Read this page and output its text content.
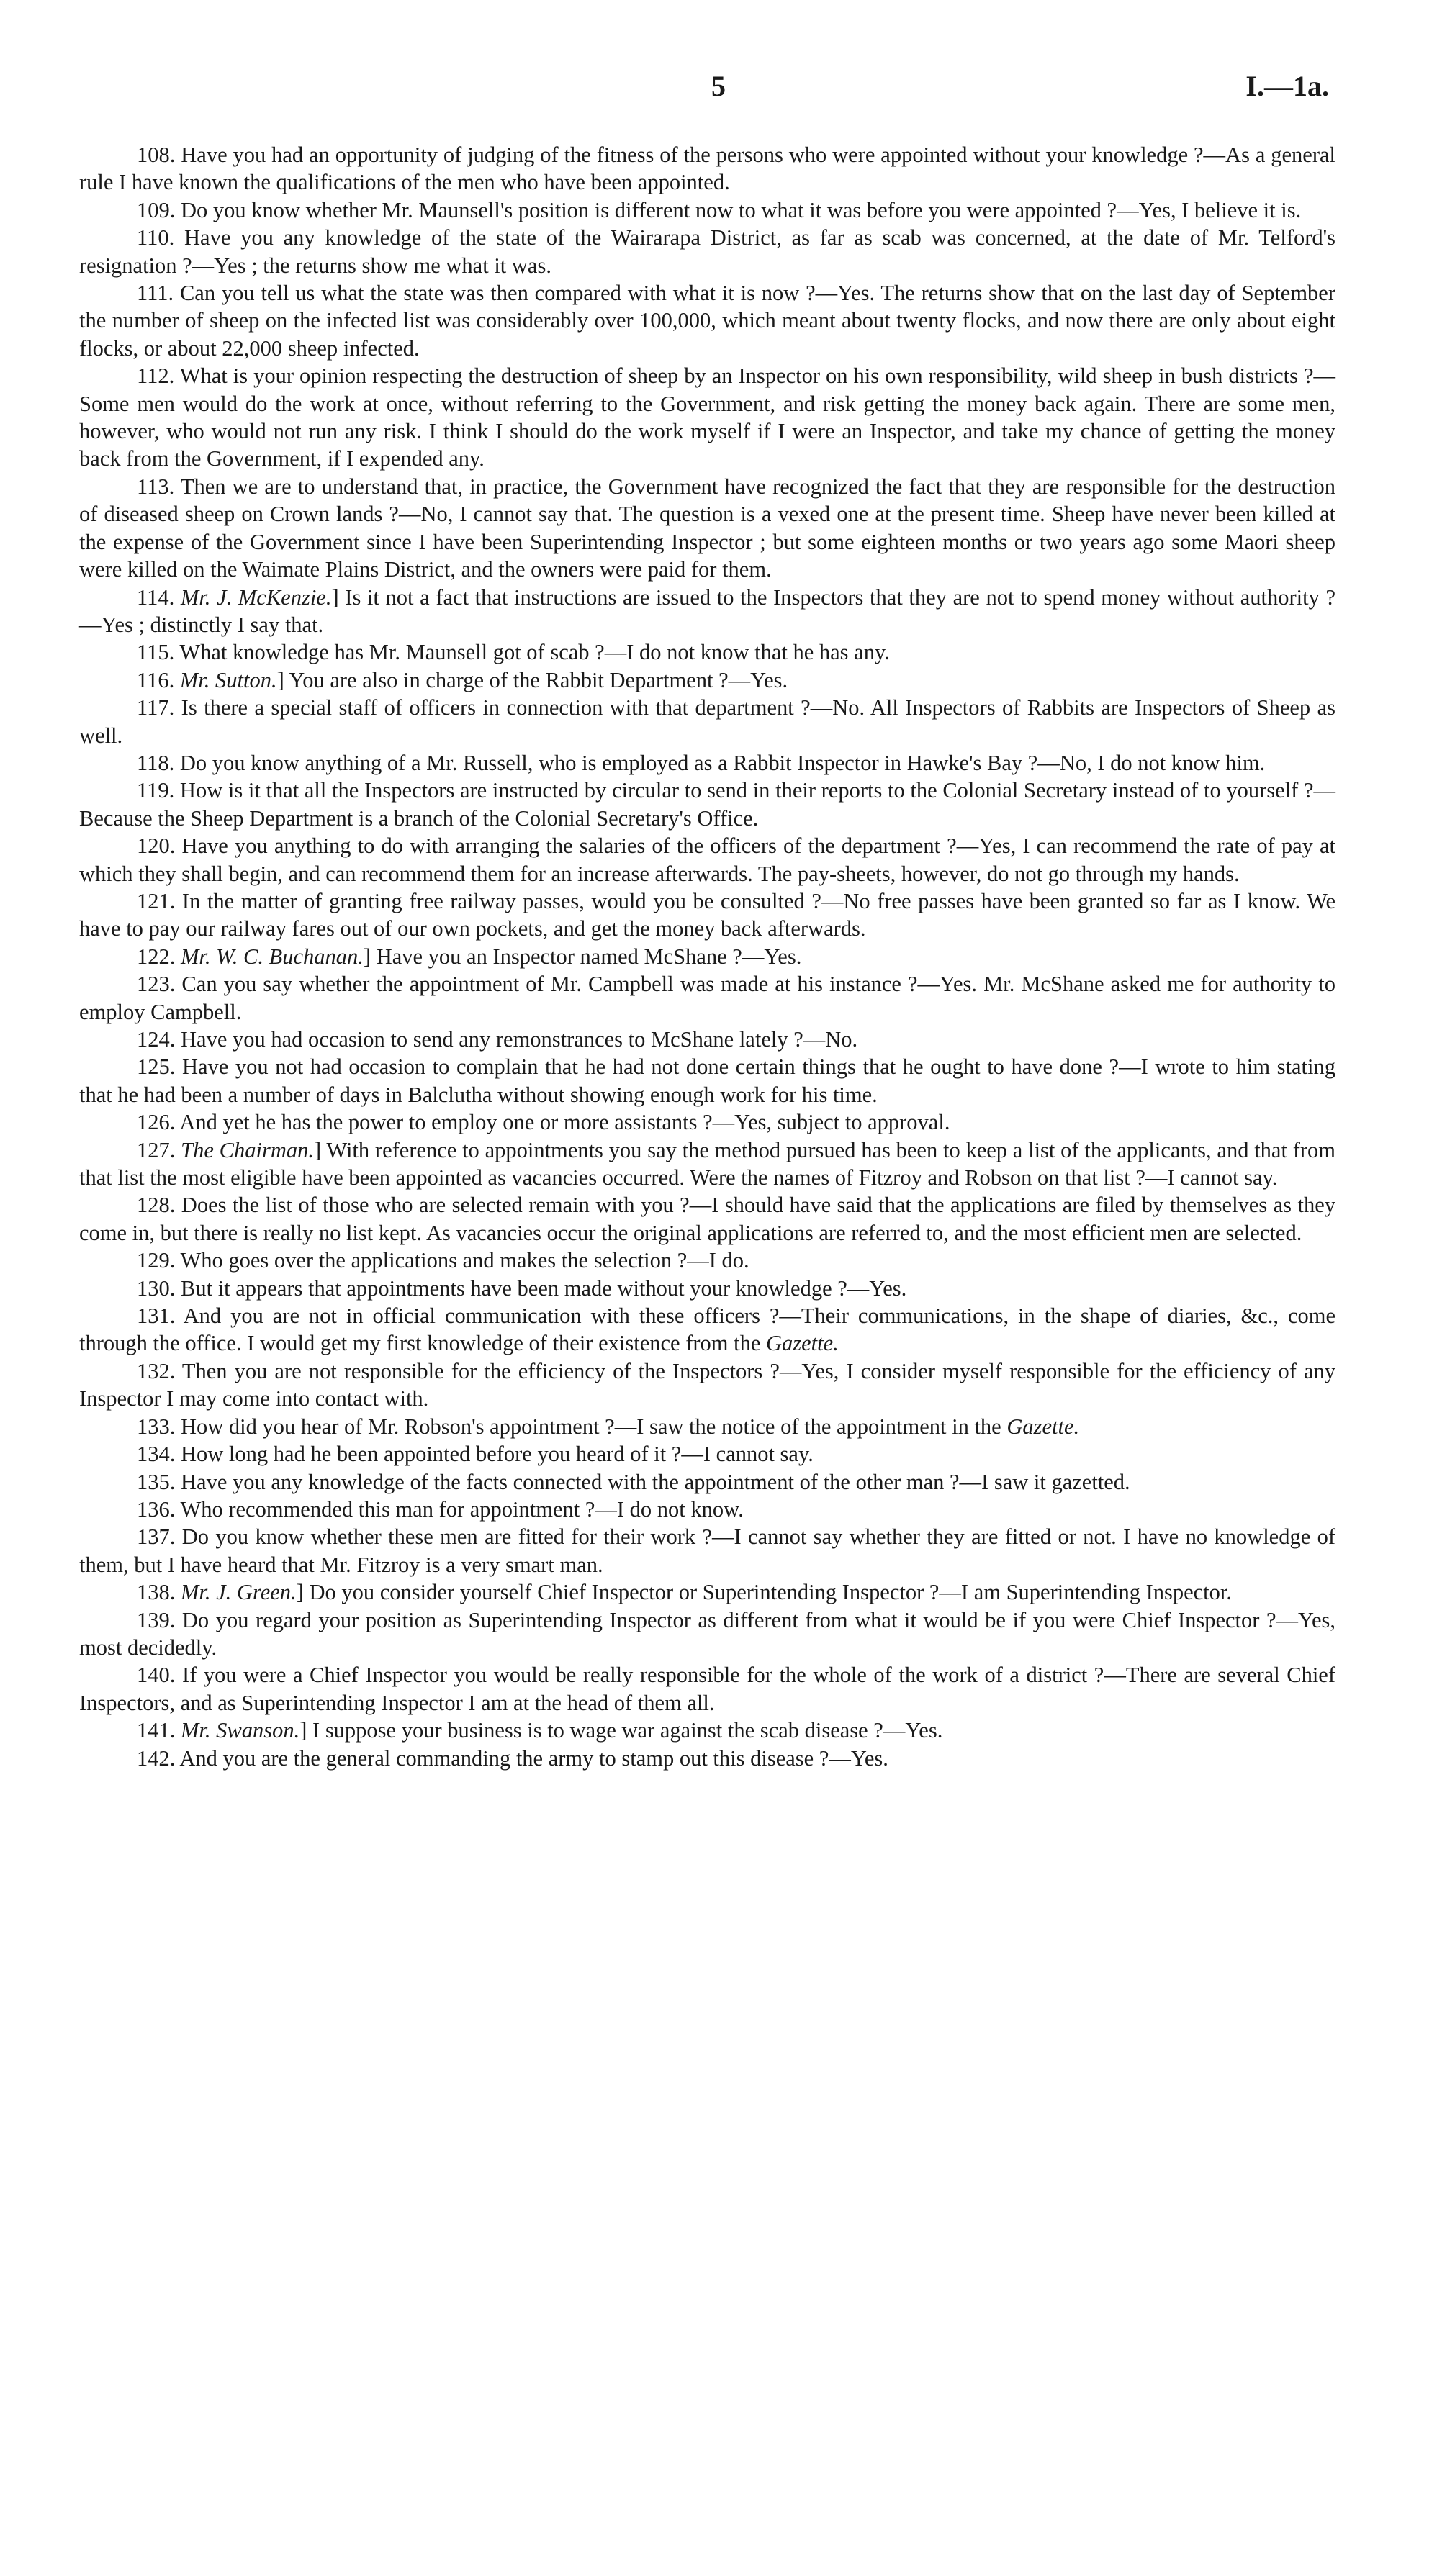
5	I.—1a.

108. Have you had an opportunity of judging of the fitness of the persons who were appointed without your knowledge ?—As a general rule I have known the qualifications of the men who have been appointed.

109. Do you know whether Mr. Maunsell's position is different now to what it was before you were appointed ?—Yes, I believe it is.

110. Have you any knowledge of the state of the Wairarapa District, as far as scab was concerned, at the date of Mr. Telford's resignation ?—Yes ; the returns show me what it was.

111. Can you tell us what the state was then compared with what it is now ?—Yes. The returns show that on the last day of September the number of sheep on the infected list was considerably over 100,000, which meant about twenty flocks, and now there are only about eight flocks, or about 22,000 sheep infected.

112. What is your opinion respecting the destruction of sheep by an Inspector on his own responsibility, wild sheep in bush districts ?—Some men would do the work at once, without referring to the Government, and risk getting the money back again. There are some men, however, who would not run any risk. I think I should do the work myself if I were an Inspector, and take my chance of getting the money back from the Government, if I expended any.

113. Then we are to understand that, in practice, the Government have recognized the fact that they are responsible for the destruction of diseased sheep on Crown lands ?—No, I cannot say that. The question is a vexed one at the present time. Sheep have never been killed at the expense of the Government since I have been Superintending Inspector ; but some eighteen months or two years ago some Maori sheep were killed on the Waimate Plains District, and the owners were paid for them.

114. Mr. J. McKenzie.] Is it not a fact that instructions are issued to the Inspectors that they are not to spend money without authority ?—Yes ; distinctly I say that.

115. What knowledge has Mr. Maunsell got of scab ?—I do not know that he has any.

116. Mr. Sutton.] You are also in charge of the Rabbit Department ?—Yes.

117. Is there a special staff of officers in connection with that department ?—No. All Inspectors of Rabbits are Inspectors of Sheep as well.

118. Do you know anything of a Mr. Russell, who is employed as a Rabbit Inspector in Hawke's Bay ?—No, I do not know him.

119. How is it that all the Inspectors are instructed by circular to send in their reports to the Colonial Secretary instead of to yourself ?—Because the Sheep Department is a branch of the Colonial Secretary's Office.

120. Have you anything to do with arranging the salaries of the officers of the department ?—Yes, I can recommend the rate of pay at which they shall begin, and can recommend them for an increase afterwards. The pay-sheets, however, do not go through my hands.

121. In the matter of granting free railway passes, would you be consulted ?—No free passes have been granted so far as I know. We have to pay our railway fares out of our own pockets, and get the money back afterwards.

122. Mr. W. C. Buchanan.] Have you an Inspector named McShane ?—Yes.

123. Can you say whether the appointment of Mr. Campbell was made at his instance ?—Yes. Mr. McShane asked me for authority to employ Campbell.

124. Have you had occasion to send any remonstrances to McShane lately ?—No.

125. Have you not had occasion to complain that he had not done certain things that he ought to have done ?—I wrote to him stating that he had been a number of days in Balclutha without showing enough work for his time.

126. And yet he has the power to employ one or more assistants ?—Yes, subject to approval.

127. The Chairman.] With reference to appointments you say the method pursued has been to keep a list of the applicants, and that from that list the most eligible have been appointed as vacancies occurred. Were the names of Fitzroy and Robson on that list ?—I cannot say.

128. Does the list of those who are selected remain with you ?—I should have said that the applications are filed by themselves as they come in, but there is really no list kept. As vacancies occur the original applications are referred to, and the most efficient men are selected.

129. Who goes over the applications and makes the selection ?—I do.

130. But it appears that appointments have been made without your knowledge ?—Yes.

131. And you are not in official communication with these officers ?—Their communications, in the shape of diaries, &c., come through the office. I would get my first knowledge of their existence from the Gazette.

132. Then you are not responsible for the efficiency of the Inspectors ?—Yes, I consider myself responsible for the efficiency of any Inspector I may come into contact with.

133. How did you hear of Mr. Robson's appointment ?—I saw the notice of the appointment in the Gazette.

134. How long had he been appointed before you heard of it ?—I cannot say.

135. Have you any knowledge of the facts connected with the appointment of the other man ?—I saw it gazetted.

136. Who recommended this man for appointment ?—I do not know.

137. Do you know whether these men are fitted for their work ?—I cannot say whether they are fitted or not. I have no knowledge of them, but I have heard that Mr. Fitzroy is a very smart man.

138. Mr. J. Green.] Do you consider yourself Chief Inspector or Superintending Inspector ?—I am Superintending Inspector.

139. Do you regard your position as Superintending Inspector as different from what it would be if you were Chief Inspector ?—Yes, most decidedly.

140. If you were a Chief Inspector you would be really responsible for the whole of the work of a district ?—There are several Chief Inspectors, and as Superintending Inspector I am at the head of them all.

141. Mr. Swanson.] I suppose your business is to wage war against the scab disease ?—Yes.

142. And you are the general commanding the army to stamp out this disease ?—Yes.
